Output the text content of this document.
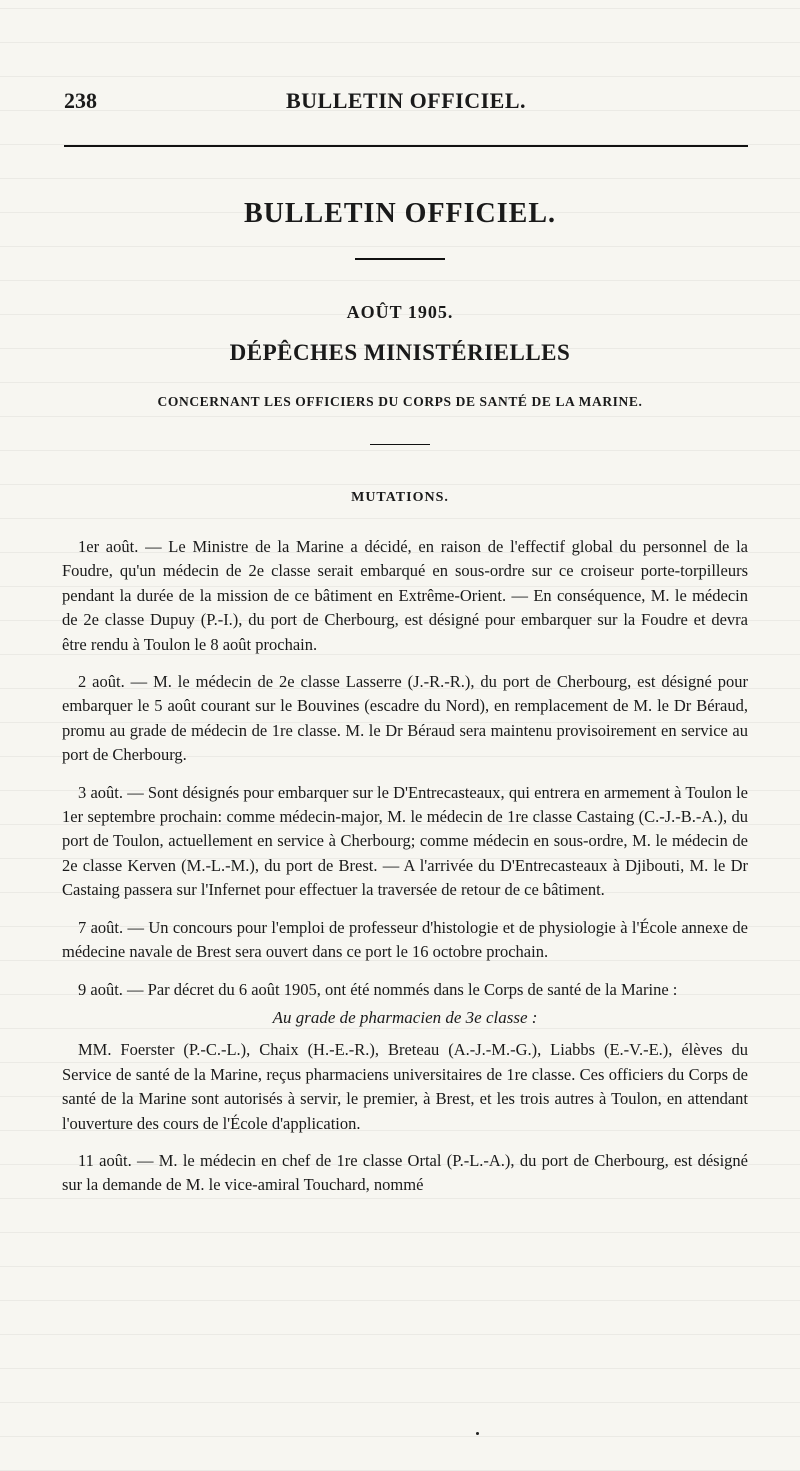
238	BULLETIN OFFICIEL.
BULLETIN OFFICIEL.
AOÛT 1905.
DÉPÊCHES MINISTÉRIELLES
CONCERNANT LES OFFICIERS DU CORPS DE SANTÉ DE LA MARINE.
MUTATIONS.

1er août. — Le Ministre de la Marine a décidé, en raison de l'effectif global du personnel de la Foudre, qu'un médecin de 2e classe serait embarqué en sous-ordre sur ce croiseur porte-torpilleurs pendant la durée de la mission de ce bâtiment en Extrême-Orient. — En conséquence, M. le médecin de 2e classe Dupuy (P.-I.), du port de Cherbourg, est désigné pour embarquer sur la Foudre et devra être rendu à Toulon le 8 août prochain.

2 août. — M. le médecin de 2e classe Lasserre (J.-R.-R.), du port de Cherbourg, est désigné pour embarquer le 5 août courant sur le Bouvines (escadre du Nord), en remplacement de M. le Dr Béraud, promu au grade de médecin de 1re classe. M. le Dr Béraud sera maintenu provisoirement en service au port de Cherbourg.

3 août. — Sont désignés pour embarquer sur le D'Entrecasteaux, qui entrera en armement à Toulon le 1er septembre prochain: comme médecin-major, M. le médecin de 1re classe Castaing (C.-J.-B.-A.), du port de Toulon, actuellement en service à Cherbourg; comme médecin en sous-ordre, M. le médecin de 2e classe Kerven (M.-L.-M.), du port de Brest. — A l'arrivée du D'Entrecasteaux à Djibouti, M. le Dr Castaing passera sur l'Infernet pour effectuer la traversée de retour de ce bâtiment.

7 août. — Un concours pour l'emploi de professeur d'histologie et de physiologie à l'École annexe de médecine navale de Brest sera ouvert dans ce port le 16 octobre prochain.

9 août. — Par décret du 6 août 1905, ont été nommés dans le Corps de santé de la Marine :

Au grade de pharmacien de 3e classe :

MM. Foerster (P.-C.-L.), Chaix (H.-E.-R.), Breteau (A.-J.-M.-G.), Liabbs (E.-V.-E.), élèves du Service de santé de la Marine, reçus pharmaciens universitaires de 1re classe. Ces officiers du Corps de santé de la Marine sont autorisés à servir, le premier, à Brest, et les trois autres à Toulon, en attendant l'ouverture des cours de l'École d'application.

11 août. — M. le médecin en chef de 1re classe Ortal (P.-L.-A.), du port de Cherbourg, est désigné sur la demande de M. le vice-amiral Touchard, nommé
